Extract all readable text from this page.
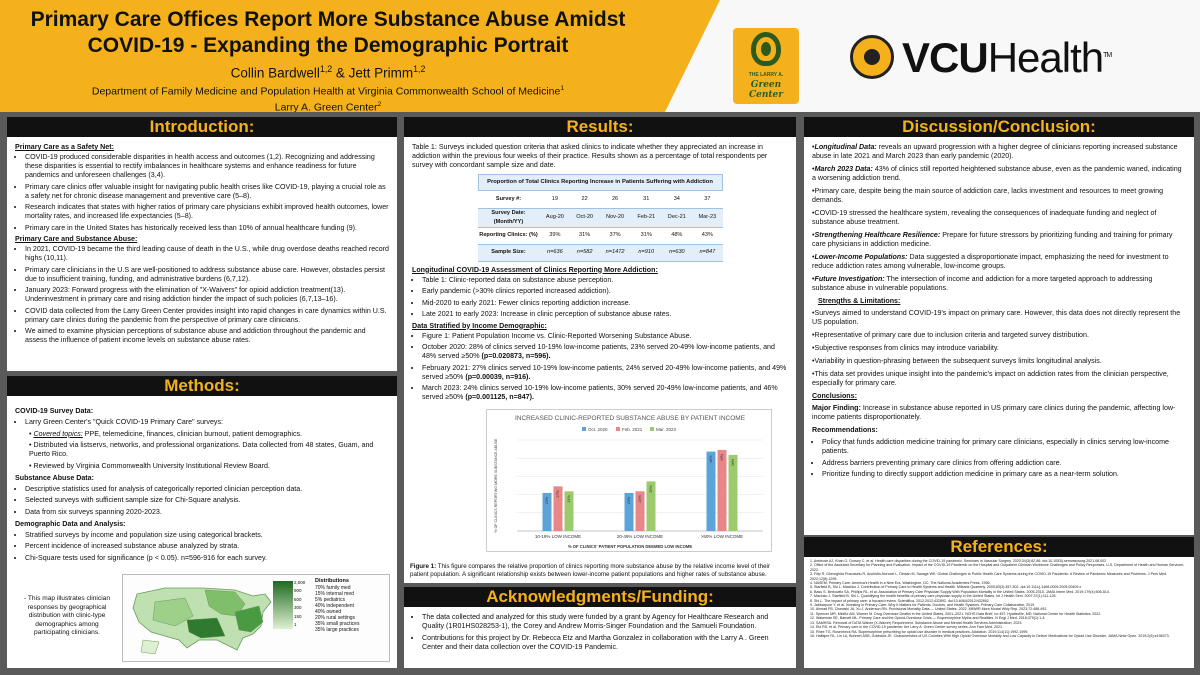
Primary Care Offices Report More Substance Abuse Amidst
COVID-19 - Expanding the Demographic Portrait
Collin Bardwell$^{1,2}$ & Jett Primm$^{1,2}$
Department of Family Medicine and Population Health at Virginia Commonwealth School of Medicine$^1$
Larry A. Green Center$^2$
THE LARRY A.
Green Center
VCUHealth™
Introduction:
Primary Care as a Safety Net:
• COVID-19 produced considerable disparities in health access and outcomes (1,2). Recognizing and addressing these disparities is essential to rectify imbalances in healthcare systems and enhance readiness for future pandemics and unforeseen challenges (3,4).
• Primary care clinics offer valuable insight for navigating public health crises like COVID-19, playing a crucial role as a safety net for chronic disease management and preventive care (5–8).
• Research indicates that states with higher ratios of primary care physicians exhibit improved health outcomes, lower mortality rates, and increased life expectancies (5–8).
• Primary care in the United States has historically received less than 10% of annual healthcare funding (9).
Primary Care and Substance Abuse:
• In 2021, COVID-19 became the third leading cause of death in the U.S., while drug overdose deaths reached record highs (10,11).
• Primary care clinicians in the U.S are well-positioned to address substance abuse care. However, obstacles persist due to insufficient training, funding, and administrative burdens (6,7,12).
• January 2023: Forward progress with the elimination of "X-Waivers" for opioid addiction treatment(13). Underinvestment in primary care and rising addiction hinder the impact of such policies (6,7,13–16).
• COVID data collected from the Larry Green Center provides insight into rapid changes in care dynamics within U.S. primary care clinics during the pandemic from the perspective of primary care clinicians.
• We aimed to examine physician perceptions of substance abuse and addiction throughout the pandemic and assess the influence of patient income levels on substance abuse rates.
Methods:
COVID-19 Survey Data:
• Larry Green Center's "Quick COVID-19 Primary Care" surveys:
• Covered topics: PPE, telemedicine, finances, clinician burnout, patient demographics.
• Distributed via listservs, networks, and professional organizations. Data collected from 48 states, Guam, and Puerto Rico.
• Reviewed by Virginia Commonwealth University Institutional Review Board.
Substance Abuse Data:
• Descriptive statistics used for analysis of categorically reported clinician perception data.
• Selected surveys with sufficient sample size for Chi-Square analysis.
• Data from six surveys spanning 2020-2023.
Demographic Data and Analysis:
• Stratified surveys by income and population size using categorical brackets.
• Percent incidence of increased substance abuse analyzed by strata.
• Chi-Square tests used for significance (p < 0.05). n=596-916 for each survey.
- This map illustrates clinician responses by geographical distribution with clinic-type demographics among participating clinicians.
2,000
900
600
300
150
1
Distributions
70% family med
15% internal med
5% pediatrics
40% independent
40% owned
20% rural settings
35% small practices
35% large practices
Results:
Table 1: Surveys included question criteria that asked clinics to indicate whether they appreciated an increase in addiction within the previous four weeks of their practice. Results shown as a percentage of total respondents per survey with concordant sample size and date.
Proportion of Total Clinics Reporting Increase in Patients Suffering with Addiction
Survey #:	19	22	26	31	34	37
Survey Date: (Month/YY)	Aug-20	Oct-20	Nov-20	Feb-21	Dec-21	Mar-23
Reporting Clinics: (%)	39%	31%	37%	31%	48%	43%
Sample Size:	n=636	n=582	n=1472	n=910	n=630	n=847
Longitudinal COVID-19 Assessment of Clinics Reporting More Addiction:
• Table 1: Clinic-reported data on substance abuse perception.
• Early pandemic (>30% clinics reported increased addiction).
• Mid-2020 to early 2021: Fewer clinics reporting addiction increase.
• Late 2021 to early 2023: Increase in clinic perception of substance abuse rates.
Data Stratified by Income Demographic:
• Figure 1: Patient Population Income vs. Clinic-Reported Worsening Substance Abuse.
• October 2020: 28% of clinics served 10-19% low-income patients, 23% served 20-49% low-income patients, and 48% served ≥50% (p=0.020873, n=596).
• February 2021: 27% clinics served 10-19% low-income patients, 24% served 20-49% low-income patients, and 49% served ≥50% (p=0.00039, n=916).
• March 2023: 24% clinics served 10-19% low-income patients, 30% served 20-49% low-income patients, and 46% served ≥50% (p=0.001125, n=847).
INCREASED CLINIC-REPORTED SUBSTANCE ABUSE BY PATIENT INCOME
Oct. 2020	Feb. 2021	Mar. 2023
% OF CLINICS REPORTING MORE SUBSTANCE ABUSE	23%
27%
24%
10-19% LOW INCOME
23% 24%
30%
20-49% LOW INCOME
48% 49%
46%
>50% LOW INCOME
% OF CLINICS' PATIENT POPULATION DEEMED LOW INCOME
Figure 1: This figure compares the relative proportion of clinics reporting more substance abuse by the relative income level of their patient population. A significant relationship exists between lower-income patient populations and higher rates of substance abuse.
Acknowledgments/Funding:
• The data collected and analyzed for this study were funded by a grant by Agency for Healthcare Research and Quality (1R01HS028253-1), the Corey and Andrew Morris-Singer Foundation and the Samueli Foundation.
• Contributions for this project by Dr. Rebecca Etz and Martha Gonzalez in collaboration with the Larry A . Green Center and their data collection over the COVID-19 Pandemic.
Discussion/Conclusion:
•Longitudinal Data: reveals an upward progression with a higher degree of clinicians reporting increased substance abuse in late 2021 and March 2023 than early pandemic (2020).
•March 2023 Data: 43% of clinics still reported heightened substance abuse, even as the pandemic waned, indicating a worsening addiction trend.
•Primary care, despite being the main source of addiction care, lacks investment and resources to meet growing demands.
•COVID-19 stressed the healthcare system, revealing the consequences of inadequate funding and neglect of substance abuse treatment.
•Strengthening Healthcare Resilience: Prepare for future stressors by prioritizing funding and training for primary care physicians in addiction medicine.
•Lower-Income Populations: Data suggested a disproportionate impact, emphasizing the need for investment to reduce addiction rates among vulnerable, low-income groups.
•Future Investigation: The intersection of income and addiction for a more targeted approach to addressing substance abuse in vulnerable populations.
Strengths & Limitations:
•Surveys aimed to understand COVID-19's impact on primary care. However, this data does not directly represent the US population.
•Representative of primary care due to inclusion criteria and targeted survey distribution.
•Subjective responses from clinics may introduce variability.
•Variability in question-phrasing between the subsequent surveys limits longitudinal analysis.
•This data set provides unique insight into the pandemic's impact on addiction rates from the clinician perspective, especially for primary care.
Conclusions:
Major Finding: Increase in substance abuse reported in US primary care clinics during the pandemic, affecting low-income patients disproportionately.
Recommendations:
• Policy that funds addiction medicine training for primary care clinicians, especially in clinics serving low-income patients.
• Address barriers preventing primary care clinics from offering addiction care.
• Prioritize funding to directly support addiction medicine in primary care as a near-term solution.
References:
1. Ambrose AJ, Khan O, Dorsey C, et al. Health care disparities during the COVID-19 pandemic. Seminars in Vascular Surgery. 2020;34(3):82-86. doi:10.1053/j.semvascsurg.2021.08.002
2. Office of the Assistant Secretary for Planning and Evaluation. Impact of the COVID-19 Pandemic on the Hospital and Outpatient Clinician Workforce Challenges and Policy Responses. U.S. Department of Health and Human Services; 2022.
3. Filip R, Gheorghita Puscaselu R, Anchidin-Norocel L, Dimian M, Savage WK. Global Challenges to Public Health Care Systems during the COVID-19 Pandemic: A Review of Pandemic Measures and Problems. J Pers Med. 2022;12(8):1295.
4. NASEM. Primary Care: America's Health in a New Era. Washington, DC: The National Academies Press; 1996.
5. Starfield B, Shi L, Macinko J. Contribution of Primary Care to Health Systems and Health. Milbank Quarterly. 2005;83(3):457-502. doi:10.1111/j.1468-0009.2005.00409.x
6. Basu S, Berkowitz SA, Phillips RL, et al. Association of Primary Care Physician Supply With Population Mortality in the United States, 2005-2015. JAMA Intern Med. 2019;179(4):506-514.
7. Macinko J, Starfield B, Shi L. Quantifying the health benefits of primary care physician supply in the United States. Int J Health Serv. 2007;37(1):111-126.
8. Shi L. The impact of primary care: a focused review. Scientifica. 2012;2012:432892. doi:10.6064/2012/432892
9. Jabbarpour Y, et al. Investing in Primary Care: Why It Matters for Patients, Doctors, and Health Systems. Primary Care Collaborative; 2019.
10. Ahmad FB, Cisewski JA, Xu J, Anderson RN. Provisional Mortality Data — United States, 2022. MMWR Morb Mortal Wkly Rep. 2023;72:488-492.
11. Spencer MR, Miniño AM, Warner M. Drug Overdose Deaths in the United States, 2001–2021. NCHS Data Brief, no 457. Hyattsville, MD: National Center for Health Statistics; 2022.
12. Wakeman SE, Barnett ML. Primary Care and the Opioid-Overdose Crisis — Buprenorphine Myths and Realities. N Engl J Med. 2018;379(1):1-4.
13. SAMHSA. Removal of DATA Waiver (X-Waiver) Requirement. Substance Abuse and Mental Health Services Administration; 2023.
14. Etz RS, et al. Primary care in the COVID-19 pandemic: the Larry A. Green Center survey series. Ann Fam Med. 2021.
15. Rhee TG, Rosenheck RA. Buprenorphine prescribing for opioid use disorder in medical practices. Addiction. 2019;114(11):1992-1999.
16. Haffajee RL, Lin LA, Bohnert ASB, Goldstick JE. Characteristics of US Counties With High Opioid Overdose Mortality and Low Capacity to Deliver Medications for Opioid Use Disorder. JAMA Netw Open. 2019;2(6):e196373.
